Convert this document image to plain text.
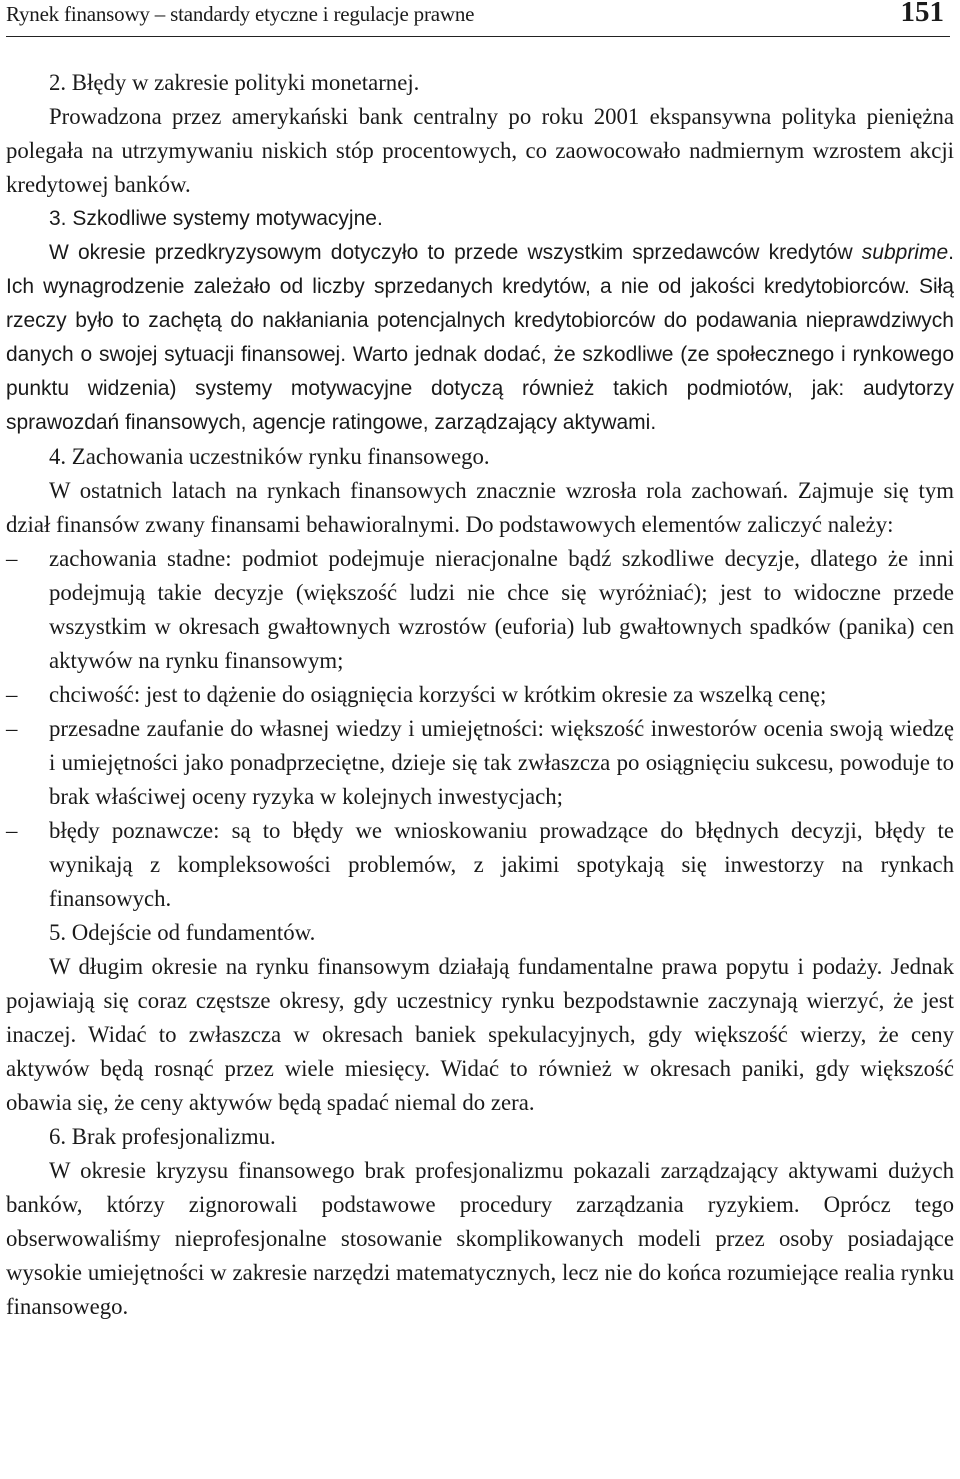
Rynek finansowy – standardy etyczne i regulacje prawne	151

2. Błędy w zakresie polityki monetarnej.

Prowadzona przez amerykański bank centralny po roku 2001 ekspansywna polityka pieniężna polegała na utrzymywaniu niskich stóp procentowych, co zaowocowało nadmiernym wzrostem akcji kredytowej banków.

3. Szkodliwe systemy motywacyjne.

W okresie przedkryzysowym dotyczyło to przede wszystkim sprzedawców kredytów subprime. Ich wynagrodzenie zależało od liczby sprzedanych kredytów, a nie od jakości kredytobiorców. Siłą rzeczy było to zachętą do nakłaniania potencjalnych kredytobiorców do podawania nieprawdziwych danych o swojej sytuacji finansowej. Warto jednak dodać, że szkodliwe (ze społecznego i rynkowego punktu widzenia) systemy motywacyjne dotyczą również takich podmiotów, jak: audytorzy sprawozdań finansowych, agencje ratingowe, zarządzający aktywami.

4. Zachowania uczestników rynku finansowego.

W ostatnich latach na rynkach finansowych znacznie wzrosła rola zachowań. Zajmuje się tym dział finansów zwany finansami behawioralnymi. Do podstawowych elementów zaliczyć należy:

– zachowania stadne: podmiot podejmuje nieracjonalne bądź szkodliwe decyzje, dlatego że inni podejmują takie decyzje (większość ludzi nie chce się wyróżniać); jest to widoczne przede wszystkim w okresach gwałtownych wzrostów (euforia) lub gwałtownych spadków (panika) cen aktywów na rynku finansowym;
– chciwość: jest to dążenie do osiągnięcia korzyści w krótkim okresie za wszelką cenę;
– przesadne zaufanie do własnej wiedzy i umiejętności: większość inwestorów ocenia swoją wiedzę i umiejętności jako ponadprzeciętne, dzieje się tak zwłaszcza po osiągnięciu sukcesu, powoduje to brak właściwej oceny ryzyka w kolejnych inwestycjach;
– błędy poznawcze: są to błędy we wnioskowaniu prowadzące do błędnych decyzji, błędy te wynikają z kompleksowości problemów, z jakimi spotykają się inwestorzy na rynkach finansowych.

5. Odejście od fundamentów.

W długim okresie na rynku finansowym działają fundamentalne prawa popytu i podaży. Jednak pojawiają się coraz częstsze okresy, gdy uczestnicy rynku bezpodstawnie zaczynają wierzyć, że jest inaczej. Widać to zwłaszcza w okresach baniek spekulacyjnych, gdy większość wierzy, że ceny aktywów będą rosnąć przez wiele miesięcy. Widać to również w okresach paniki, gdy większość obawia się, że ceny aktywów będą spadać niemal do zera.

6. Brak profesjonalizmu.

W okresie kryzysu finansowego brak profesjonalizmu pokazali zarządzający aktywami dużych banków, którzy zignorowali podstawowe procedury zarządzania ryzykiem. Oprócz tego obserwowaliśmy nieprofesjonalne stosowanie skomplikowanych modeli przez osoby posiadające wysokie umiejętności w zakresie narzędzi matematycznych, lecz nie do końca rozumiejące realia rynku finansowego.
